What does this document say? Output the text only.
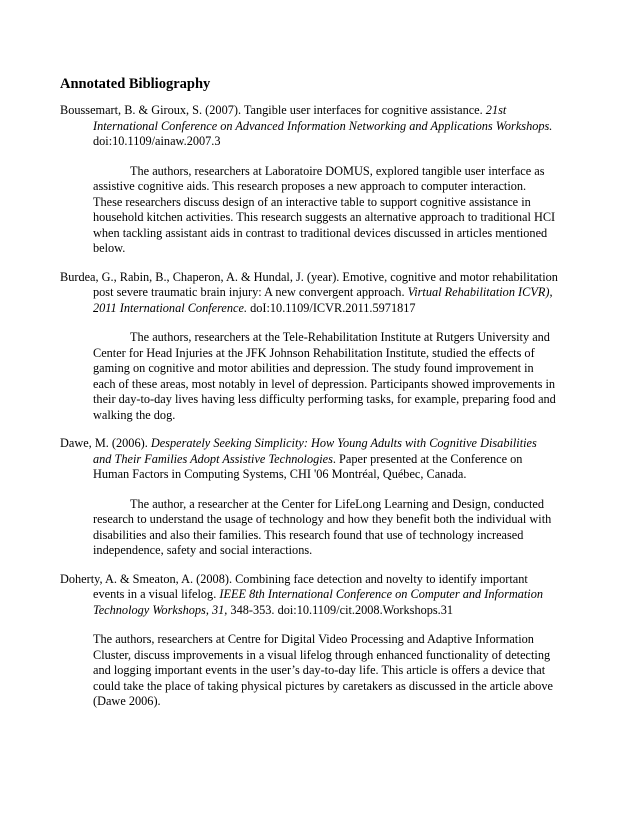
Annotated Bibliography

Boussemart, B. & Giroux, S. (2007). Tangible user interfaces for cognitive assistance. 21st International Conference on Advanced Information Networking and Applications Workshops. doi:10.1109/ainaw.2007.3

The authors, researchers at Laboratoire DOMUS, explored tangible user interface as assistive cognitive aids. This research proposes a new approach to computer interaction. These researchers discuss design of an interactive table to support cognitive assistance in household kitchen activities. This research suggests an alternative approach to traditional HCI when tackling assistant aids in contrast to traditional devices discussed in articles mentioned below.

Burdea, G., Rabin, B., Chaperon, A. & Hundal, J. (year). Emotive, cognitive and motor rehabilitation post severe traumatic brain injury: A new convergent approach. Virtual Rehabilitation ICVR), 2011 International Conference. doI:10.1109/ICVR.2011.5971817

The authors, researchers at the Tele-Rehabilitation Institute at Rutgers University and Center for Head Injuries at the JFK Johnson Rehabilitation Institute, studied the effects of gaming on cognitive and motor abilities and depression. The study found improvement in each of these areas, most notably in level of depression. Participants showed improvements in their day-to-day lives having less difficulty performing tasks, for example, preparing food and walking the dog.

Dawe, M. (2006). Desperately Seeking Simplicity: How Young Adults with Cognitive Disabilities and Their Families Adopt Assistive Technologies. Paper presented at the Conference on Human Factors in Computing Systems, CHI '06 Montréal, Québec, Canada.

The author, a researcher at the Center for LifeLong Learning and Design, conducted research to understand the usage of technology and how they benefit both the individual with disabilities and also their families. This research found that use of technology increased independence, safety and social interactions.

Doherty, A. & Smeaton, A. (2008). Combining face detection and novelty to identify important events in a visual lifelog. IEEE 8th International Conference on Computer and Information Technology Workshops, 31, 348-353. doi:10.1109/cit.2008.Workshops.31

The authors, researchers at Centre for Digital Video Processing and Adaptive Information Cluster, discuss improvements in a visual lifelog through enhanced functionality of detecting and logging important events in the user’s day-to-day life. This article is offers a device that could take the place of taking physical pictures by caretakers as discussed in the article above (Dawe 2006).
